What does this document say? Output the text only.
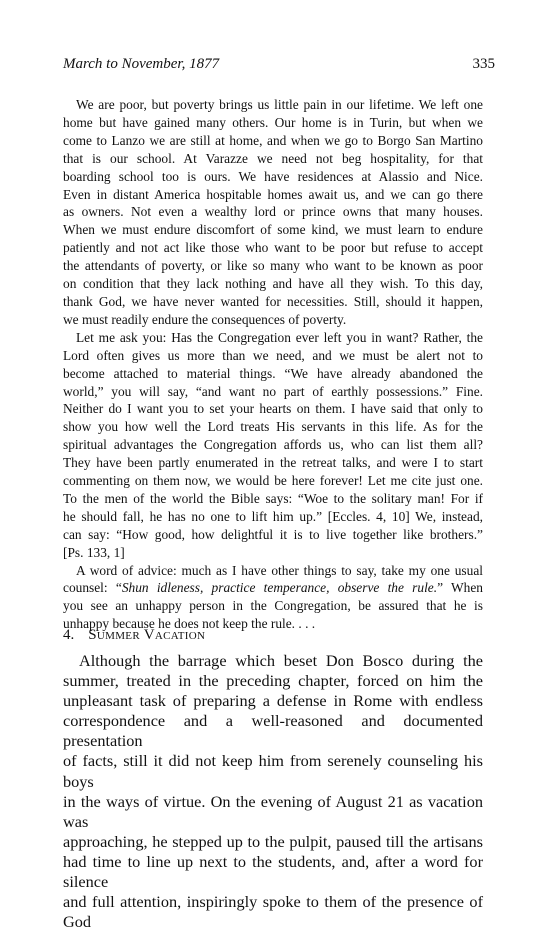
March to November, 1877	335

We are poor, but poverty brings us little pain in our lifetime. We left one

home but have gained many others. Our home is in Turin, but when we
come to Lanzo we are still at home, and when we go to Borgo San Martino
that is our school. At Varazze we need not beg hospitality, for that
boarding school too is ours. We have residences at Alassio and Nice.
Even in distant America hospitable homes await us, and we can go there
as owners. Not even a wealthy lord or prince owns that many houses.
When we must endure discomfort of some kind, we must learn to endure
patiently and not act like those who want to be poor but refuse to accept
the attendants of poverty, or like so many who want to be known as poor
on condition that they lack nothing and have all they wish. To this day,
thank God, we have never wanted for necessities. Still, should it happen,
we must readily endure the consequences of poverty.

Let me ask you: Has the Congregation ever left you in want? Rather, the

Lord often gives us more than we need, and we must be alert not to
become attached to material things. “We have already abandoned the
world,” you will say, “and want no part of earthly possessions.” Fine.
Neither do I want you to set your hearts on them. I have said that only to
show you how well the Lord treats His servants in this life. As for the
spiritual advantages the Congregation affords us, who can list them all?
They have been partly enumerated in the retreat talks, and were I to start
commenting on them now, we would be here forever! Let me cite just one.
To the men of the world the Bible says: “Woe to the solitary man! For if
he should fall, he has no one to lift him up.” [Eccles. 4, 10] We, instead,
can say: “How good, how delightful it is to live together like brothers.”
[Ps. 133, 1]

A word of advice: much as I have other things to say, take my one usual

counsel: “Shun idleness, practice temperance, observe the rule.” When
you see an unhappy person in the Congregation, be assured that he is
unhappy because he does not keep the rule. . . .
4. Summer Vacation

Although the barrage which beset Don Bosco during the

summer, treated in the preceding chapter, forced on him the
unpleasant task of preparing a defense in Rome with endless
correspondence and a well-reasoned and documented presentation
of facts, still it did not keep him from serenely counseling his boys
in the ways of virtue. On the evening of August 21 as vacation was
approaching, he stepped up to the pulpit, paused till the artisans
had time to line up next to the students, and, after a word for silence
and full attention, inspiringly spoke to them of the presence of God
